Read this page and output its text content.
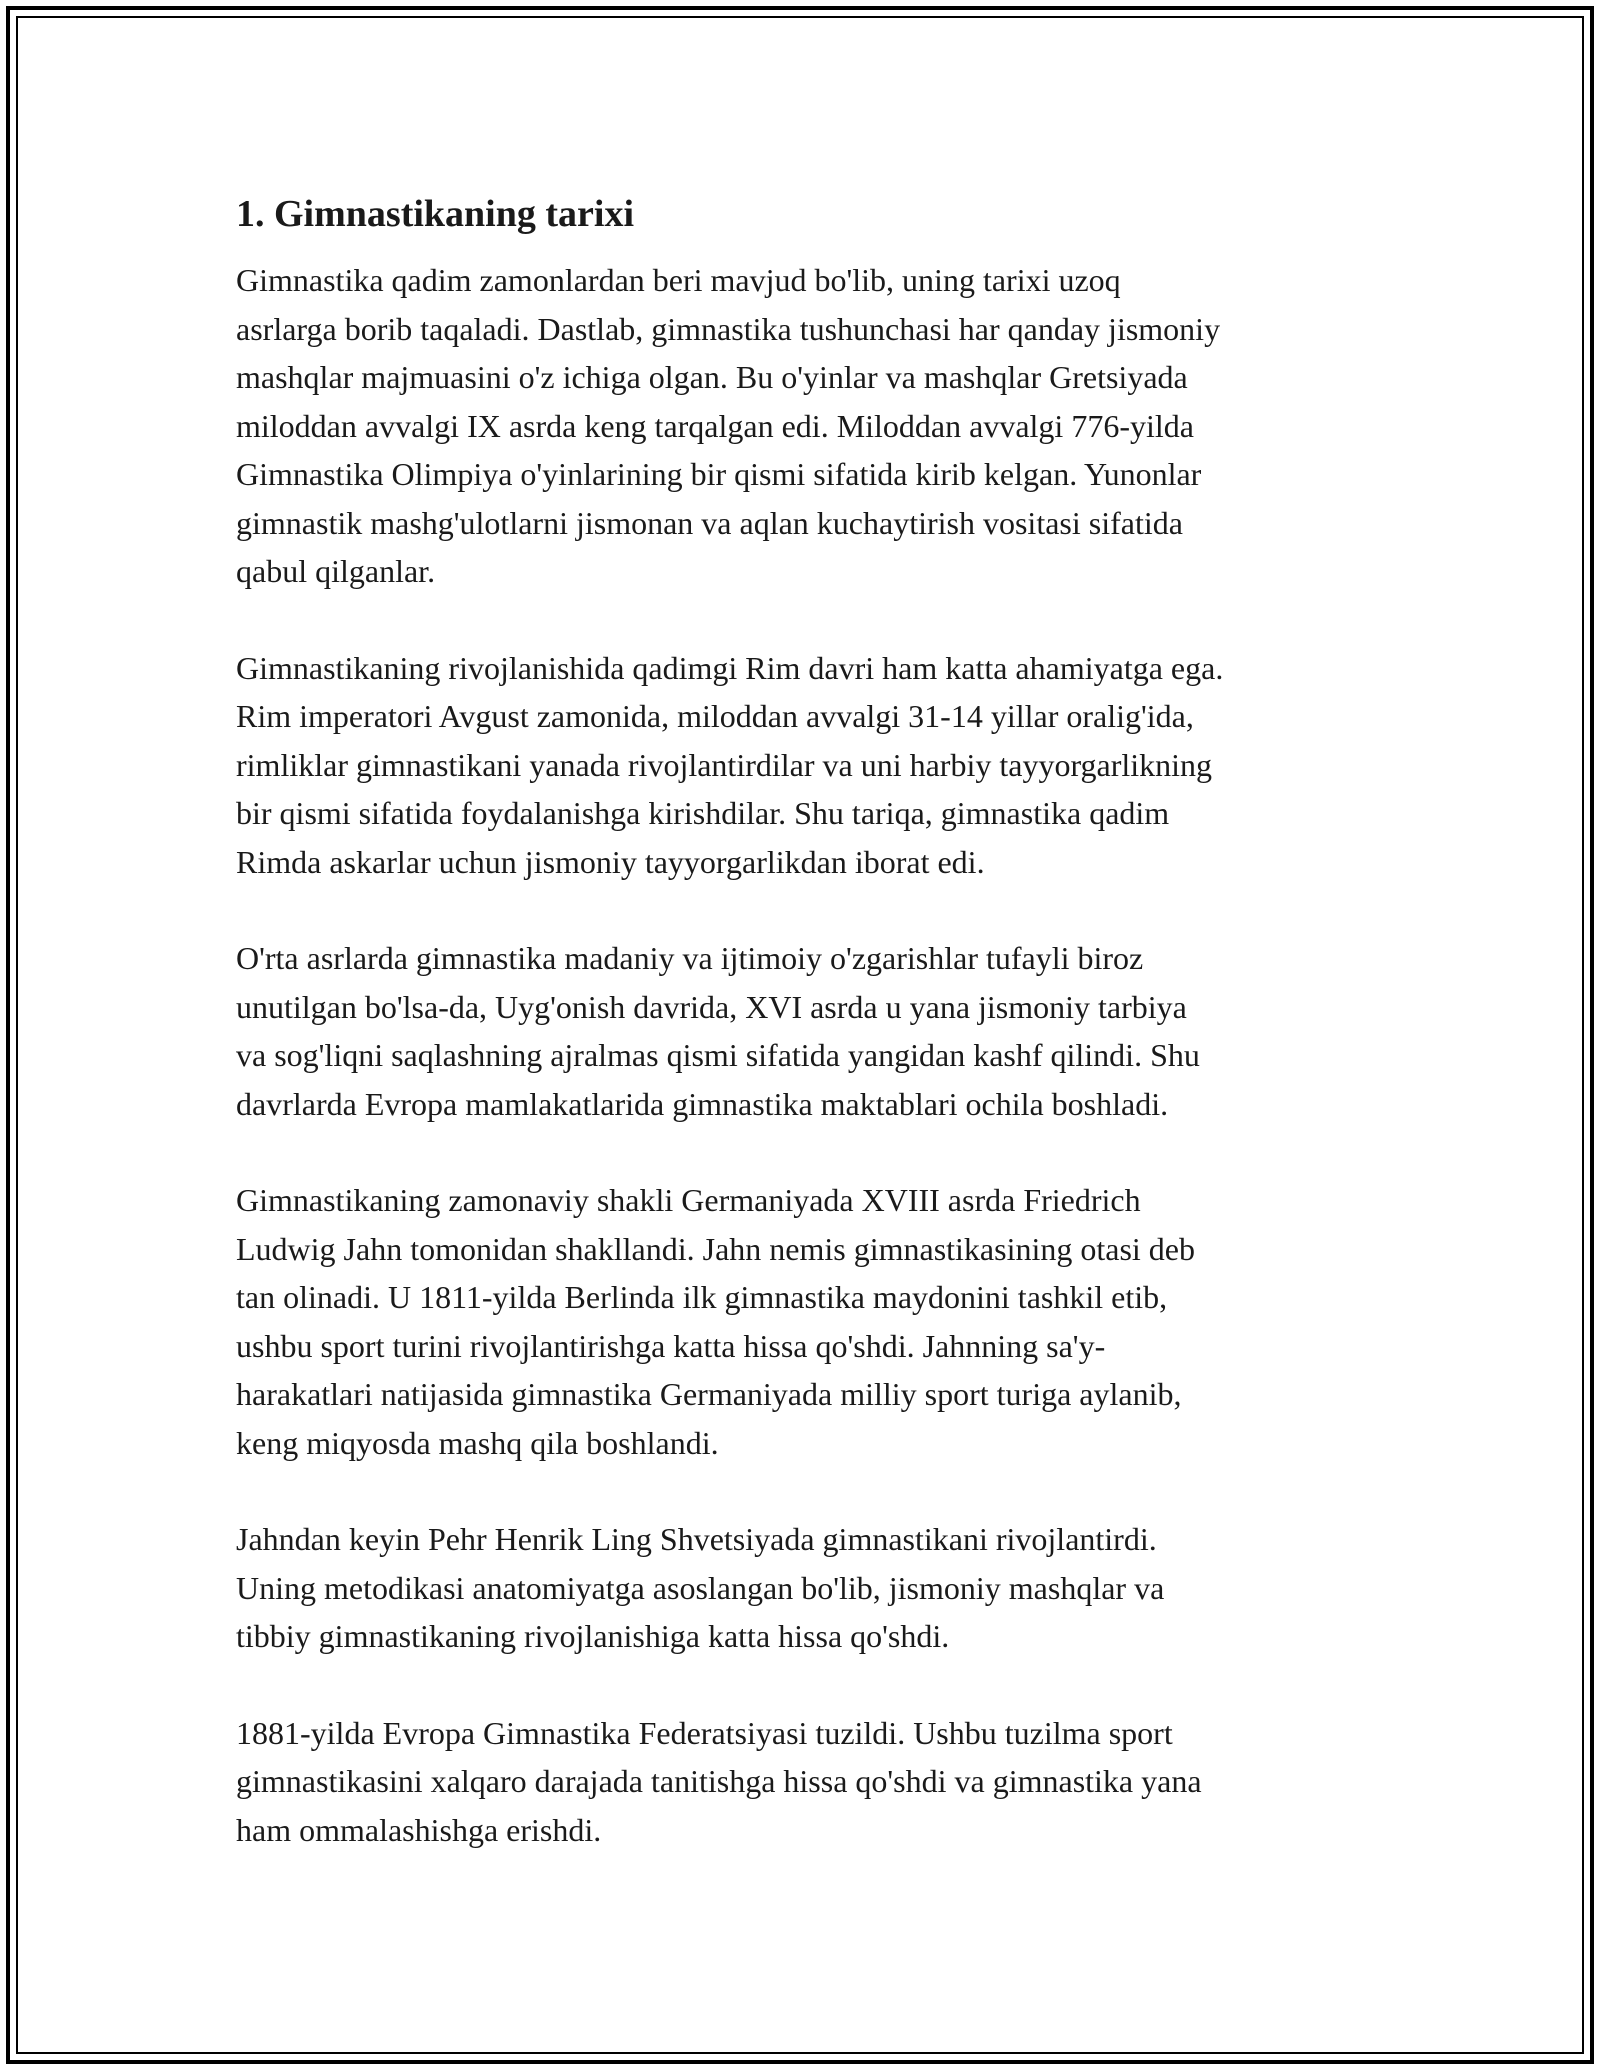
1. Gimnastikaning tarixi

Gimnastika qadim zamonlardan beri mavjud bo'lib, uning tarixi uzoq
asrlarga borib taqaladi. Dastlab, gimnastika tushunchasi har qanday jismoniy
mashqlar majmuasini o'z ichiga olgan. Bu o'yinlar va mashqlar Gretsiyada
miloddan avvalgi IX asrda keng tarqalgan edi. Miloddan avvalgi 776-yilda
Gimnastika Olimpiya o'yinlarining bir qismi sifatida kirib kelgan. Yunonlar
gimnastik mashg'ulotlarni jismonan va aqlan kuchaytirish vositasi sifatida
qabul qilganlar.

Gimnastikaning rivojlanishida qadimgi Rim davri ham katta ahamiyatga ega.
Rim imperatori Avgust zamonida, miloddan avvalgi 31-14 yillar oralig'ida,
rimliklar gimnastikani yanada rivojlantirdilar va uni harbiy tayyorgarlikning
bir qismi sifatida foydalanishga kirishdilar. Shu tariqa, gimnastika qadim
Rimda askarlar uchun jismoniy tayyorgarlikdan iborat edi.

O'rta asrlarda gimnastika madaniy va ijtimoiy o'zgarishlar tufayli biroz
unutilgan bo'lsa-da, Uyg'onish davrida, XVI asrda u yana jismoniy tarbiya
va sog'liqni saqlashning ajralmas qismi sifatida yangidan kashf qilindi. Shu
davrlarda Evropa mamlakatlarida gimnastika maktablari ochila boshladi.

Gimnastikaning zamonaviy shakli Germaniyada XVIII asrda Friedrich
Ludwig Jahn tomonidan shakllandi. Jahn nemis gimnastikasining otasi deb
tan olinadi. U 1811-yilda Berlinda ilk gimnastika maydonini tashkil etib,
ushbu sport turini rivojlantirishga katta hissa qo'shdi. Jahnning sa'y-
harakatlari natijasida gimnastika Germaniyada milliy sport turiga aylanib,
keng miqyosda mashq qila boshlandi.

Jahndan keyin Pehr Henrik Ling Shvetsiyada gimnastikani rivojlantirdi.
Uning metodikasi anatomiyatga asoslangan bo'lib, jismoniy mashqlar va
tibbiy gimnastikaning rivojlanishiga katta hissa qo'shdi.

1881-yilda Evropa Gimnastika Federatsiyasi tuzildi. Ushbu tuzilma sport
gimnastikasini xalqaro darajada tanitishga hissa qo'shdi va gimnastika yana
ham ommalashishga erishdi.
